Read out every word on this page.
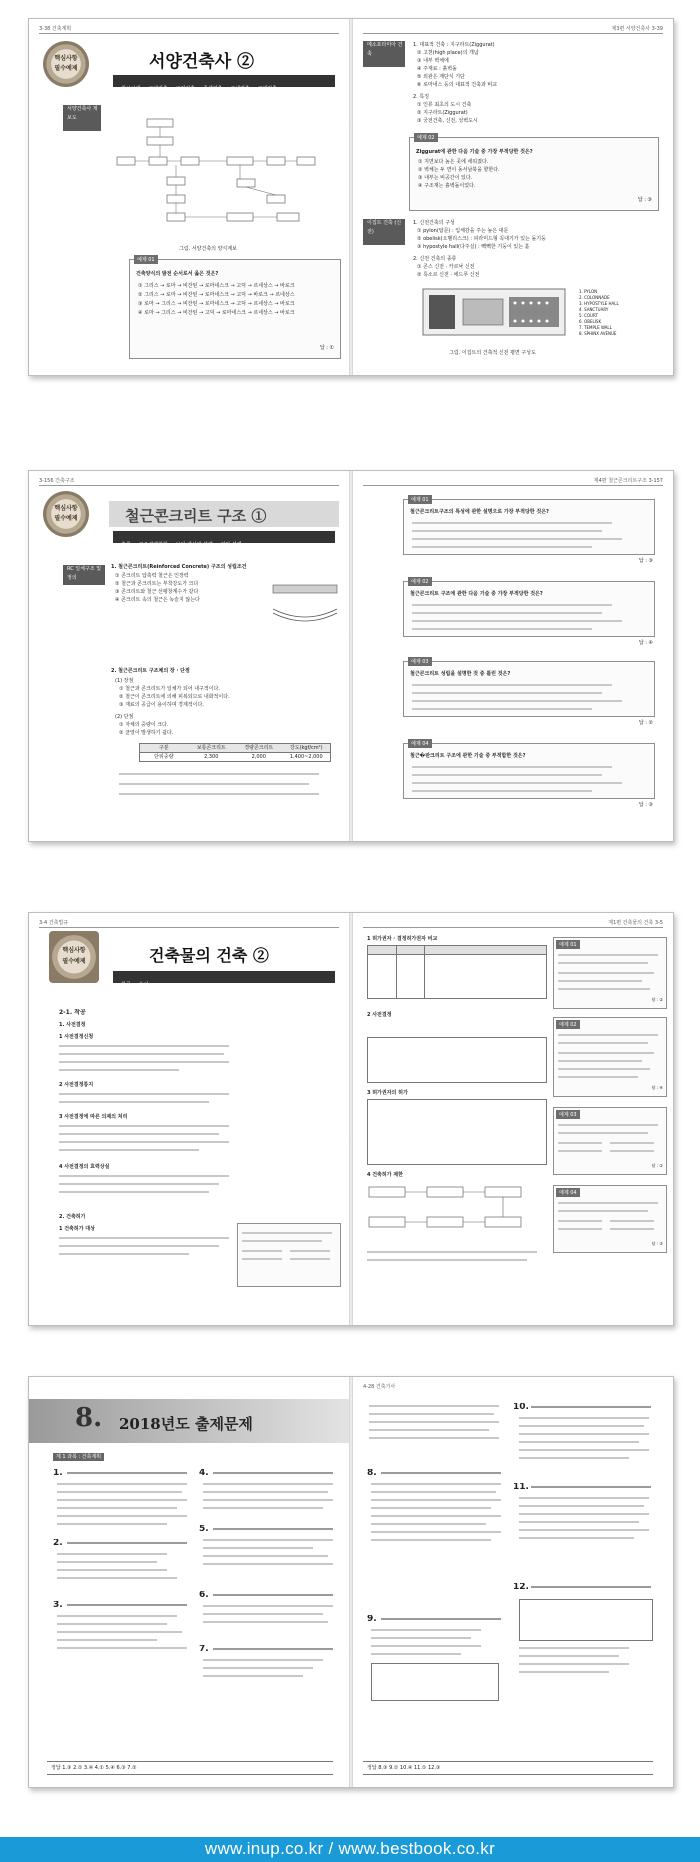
3-38 건축계획
핵심사항
필수예제	서양건축사 ②
원시시대 고대건축 고전건축 중세건축 근세건축 근대건축
서양건축사 계보도
그림. 서양건축의 양식계보
예제 01
건축양식의 발전 순서로서 옳은 것은?
① 그리스 → 로마 → 비잔틴 → 로마네스크 → 고딕 → 르네상스 → 바로크
② 그리스 → 로마 → 비잔틴 → 로마네스크 → 고딕 → 바로크 → 르네상스
③ 로마 → 그리스 → 비잔틴 → 로마네스크 → 고딕 → 르네상스 → 바로크
④ 로마 → 그리스 → 비잔틴 → 고딕 → 로마네스크 → 르네상스 → 바로크
답 : ①
제3편 서양건축사 3-39
메소포타미아 건축
1. 대표적 건축 : 지구라트(Ziggurat)
② 고천(high place)의 개념
③ 내부 벽체에
④ 주재료 : 흙벽돌
⑤ 외관은 계단식 기단
⑥ 로마네스 등의 대표적 건축과 비교
2. 특징
① 인류 최초의 도시 건축
② 지구라트(Ziggurat)
③ 궁전건축, 신전, 성벽도시
예제 02
Ziggurat에 관한 다음 기술 중 가장 부적당한 것은?
① 지면보다 높은 곳에 세워졌다.
② 벽체는 두 면이 동서남북을 향한다.
③ 내부는 비공간이 있다.
④ 구조재는 흙벽돌이었다.
답 : ③
이집트 건축 (신전)
1. 신전건축의 구성
① pylon(탑문) : 입체감을 주는 높은 대문
② obelisk(오벨리스크) : 피라미드형 꼭대기가 있는 돌기둥
③ hypostyle hall(다주실) : 빽빽한 기둥이 있는 홀
2. 신전 건축의 종류
① 콘스 신전 · 카르낙 신전
② 룩소르 신전 · 에드푸 신전
1. PYLON
2. COLONNADE
3. HYPOSTYLE HALL
4. SANCTUARY
5. COURT
6. OBELISK
7. TEMPLE WALL
8. SPHINX AVENUE
그림. 이집트의 건축적 신전 평면 구성도
3-156 건축구조
핵심사항
필수예제	철근콘크리트 구조 ①
총론 구조설계원칙 보의 해석과 설계 전단 설계
RC 일체구조 및 정의
1. 철근콘크리트(Reinforced Concrete) 구조의 성립조건
① 콘크리트 압축력 철근은 인장력
② 철근과 콘크리트는 부착강도가 크다
③ 콘크리트와 철근 선팽창계수가 같다
④ 콘크리트 속의 철근은 녹슬지 않는다
2. 철근콘크리트 구조체의 장 · 단점
(1) 장점
① 철근과 콘크리트가 일체가 되어 내구적이다.
② 철근이 콘크리트에 의해 피복되므로 내화적이다.
③ 재료의 공급이 용이하며 경제적이다.
(2) 단점
① 자체의 중량이 크다.
② 균열이 발생하기 쉽다.
구분	보통콘크리트	경량콘크리트	강도(kgf/cm²)
단위중량	2,300	2,000	1,400~2,000
제4편 철근콘크리트구조 3-157
예제 01
철근콘크리트구조의 특성에 관한 설명으로 가장 부적당한 것은?
답 : ③
예제 02
철근콘크리트 구조에 관한 다음 기술 중 가장 부적당한 것은?
답 : ④
예제 03
철근콘크리트 성립을 설명한 것 중 틀린 것은?
답 : ②
예제 04
철근�판크리트 구조에 관한 기술 중 부적합한 것은?
답 : ③
3-4 건축법규
핵심사항
필수예제	건축물의 건축 ②
착공 용어
2-1. 착공
1. 사전결정
1 사전결정신청
2 사전결정통지
3 사전결정에 따른 의제의 처리
4 사전결정의 효력상실
2. 건축허가
1 건축허가 대상
제1편 건축물의 건축 3-5
1 허가권자 · 결정허가권자 비교
2 사전결정
3 허가권자의 허가
4 건축허가 제한
예제 01
답 : ②
예제 02
답 : ④
예제 03
답 : ①
예제 04
답 : ③
8. 2018년도 출제문제
제 1 과목 : 건축계획
1.
2.
3.
4.
5.
6.
7.
정답 1.③ 2.① 3.④ 4.① 5.④ 6.③ 7.②
4-28 건축기사
8.
9.
10.
11.
12.
정답 8.③ 9.① 10.④ 11.① 12.③
www.inup.co.kr / www.bestbook.co.kr
